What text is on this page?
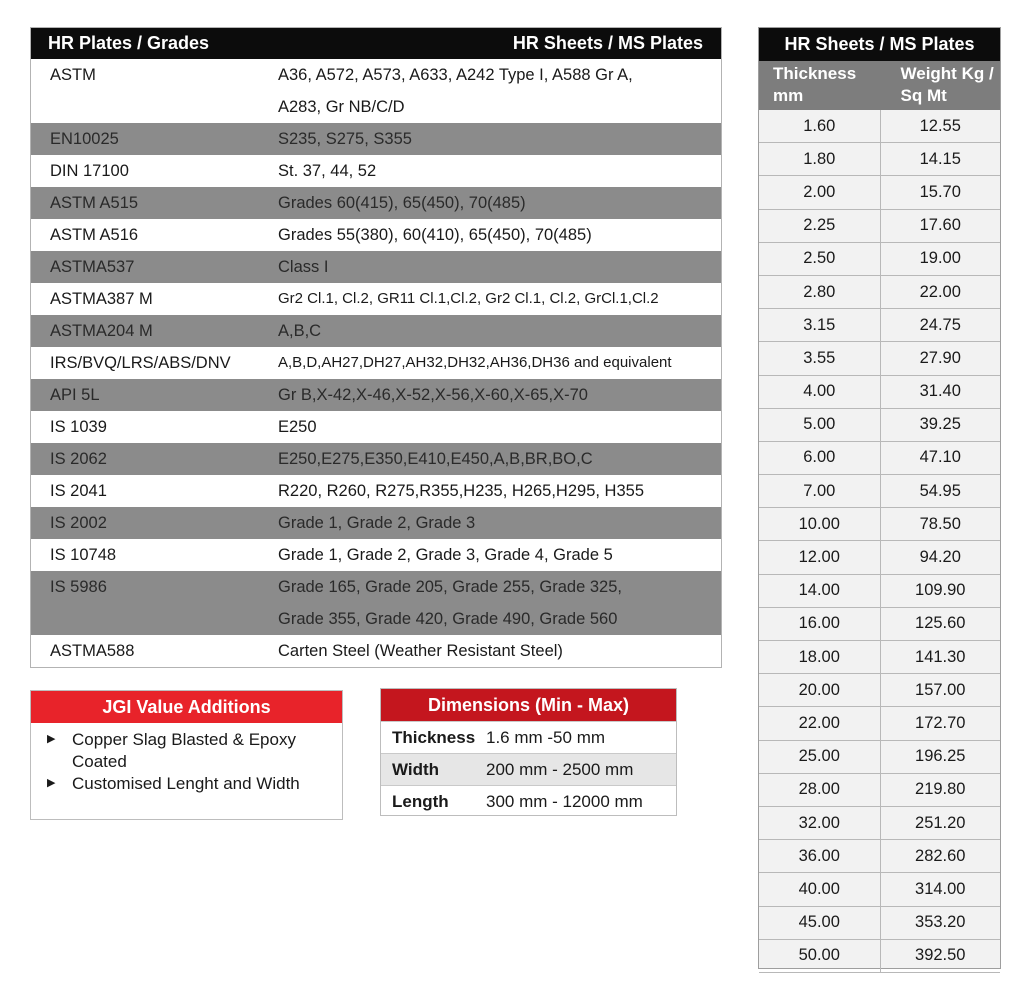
HR Plates / Grades	HR Sheets / MS Plates
ASTM	A36, A572, A573, A633, A242 Type I, A588 Gr A,
A283, Gr NB/C/D
EN10025	S235, S275, S355
DIN 17100	St. 37, 44, 52
ASTM A515	Grades 60(415), 65(450), 70(485)
ASTM A516	Grades 55(380), 60(410), 65(450), 70(485)
ASTMA537	Class I
ASTMA387 M	Gr2 Cl.1, Cl.2, GR11 Cl.1,Cl.2, Gr2 Cl.1, Cl.2, GrCl.1,Cl.2
ASTMA204 M	A,B,C
IRS/BVQ/LRS/ABS/DNV	A,B,D,AH27,DH27,AH32,DH32,AH36,DH36 and equivalent
API 5L	Gr B,X-42,X-46,X-52,X-56,X-60,X-65,X-70
IS 1039	E250
IS 2062	E250,E275,E350,E410,E450,A,B,BR,BO,C
IS 2041	R220, R260, R275,R355,H235, H265,H295, H355
IS 2002	Grade 1, Grade 2, Grade 3
IS 10748	Grade 1, Grade 2, Grade 3, Grade 4, Grade 5
IS 5986	Grade 165, Grade 205, Grade 255, Grade 325,
Grade 355, Grade 420, Grade 490, Grade 560
ASTMA588	Carten Steel (Weather Resistant Steel)
JGI Value Additions
▶ Copper Slag Blasted & Epoxy Coated
▶ Customised Lenght and Width
Dimensions (Min - Max)
Thickness 1.6 mm -50 mm
Width	200 mm - 2500 mm
Length	300 mm - 12000 mm
HR Sheets / MS Plates
Thickness mm
Weight Kg / Sq Mt
1.60	12.55
1.80	14.15
2.00	15.70
2.25	17.60
2.50	19.00
2.80	22.00
3.15	24.75
3.55	27.90
4.00	31.40
5.00	39.25
6.00	47.10
7.00	54.95
10.00	78.50
12.00	94.20
14.00	109.90
16.00	125.60
18.00	141.30
20.00	157.00
22.00	172.70
25.00	196.25
28.00	219.80
32.00	251.20
36.00	282.60
40.00	314.00
45.00	353.20
50.00	392.50
